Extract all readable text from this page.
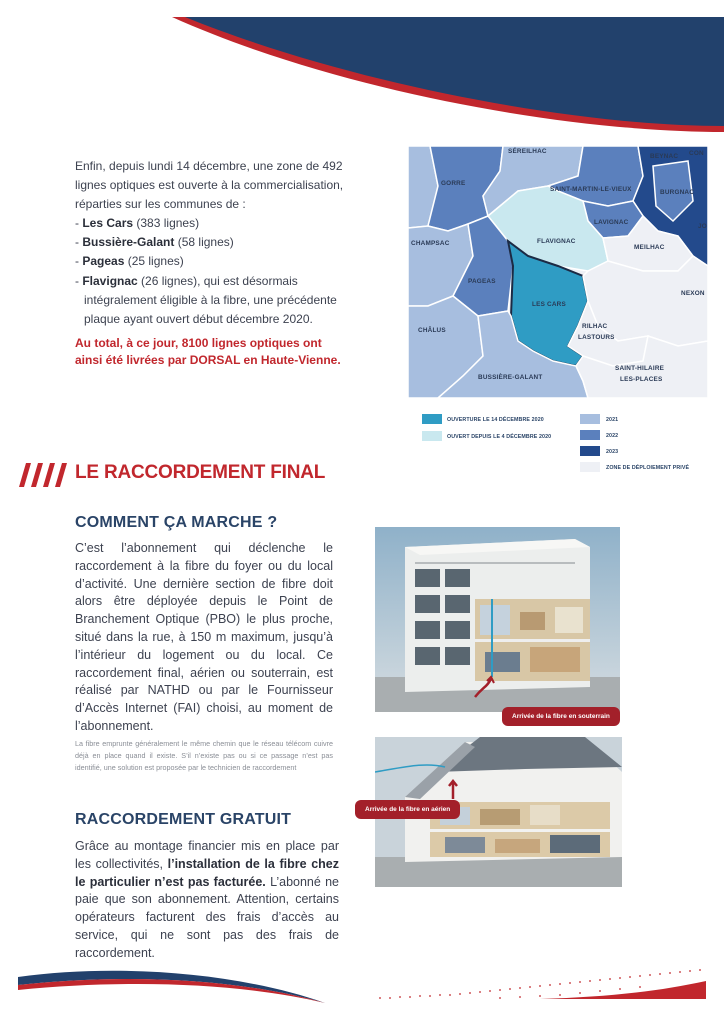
Enfin, depuis lundi 14 décembre, une zone de 492 lignes optiques est ouverte à la commercialisation, réparties sur les communes de :

- Les Cars (383 lignes)
- Bussière-Galant (58 lignes)
- Pageas (25 lignes)
- Flavignac (26 lignes), qui est désormais intégralement éligible à la fibre, une précédente plaque ayant ouvert début décembre 2020.
Au total, à ce jour, 8100 lignes optiques ont ainsi été livrées par DORSAL en Haute-Vienne.
SÉREILHAC
BEYNAC CON
GORRE
SAINT-MARTIN-LE-VIEUX	BURGNAC
JO
LAVIGNAC
FLAVIGNAC
MEILHAC
CHAMPSAC
PAGEAS
NEXON
LES CARS
RILHAC
LASTOURS
CHÂLUS
SAINT-HILAIRE
LES-PLACES
BUSSIÈRE-GALANT
OUVERTURE LE 14 DÉCEMBRE 2020
OUVERT DEPUIS LE 4 DÉCEMBRE 2020
2021
2022
2023
ZONE DE DÉPLOIEMENT PRIVÉ
LE RACCORDEMENT FINAL
COMMENT ÇA MARCHE ?
C’est l’abonnement qui déclenche le raccordement à la fibre du foyer ou du local d’activité. Une dernière section de fibre doit alors être déployée depuis le Point de Branchement Optique (PBO) le plus proche, situé dans la rue, à 150 m maximum, jusqu’à l’intérieur du logement ou du local. Ce raccordement final, aérien ou souterrain, est réalisé par NATHD ou par le Fournisseur d’Accès Internet (FAI) choisi, au moment de l’abonnement.
La fibre emprunte généralement le même chemin que le réseau télécom cuivre déjà en place quand il existe. S’il n’existe pas ou si ce passage n’est pas identifié, une solution est proposée par le technicien de raccordement
RACCORDEMENT GRATUIT
Grâce au montage financier mis en place par les collectivités, l’installation de la fibre chez le particulier n’est pas facturée. L’abonné ne paie que son abonnement. Attention, certains opérateurs facturent des frais d’accès au service, qui ne sont pas des frais de raccordement.
Arrivée de la fibre en souterrain
Arrivée de la fibre en aérien
